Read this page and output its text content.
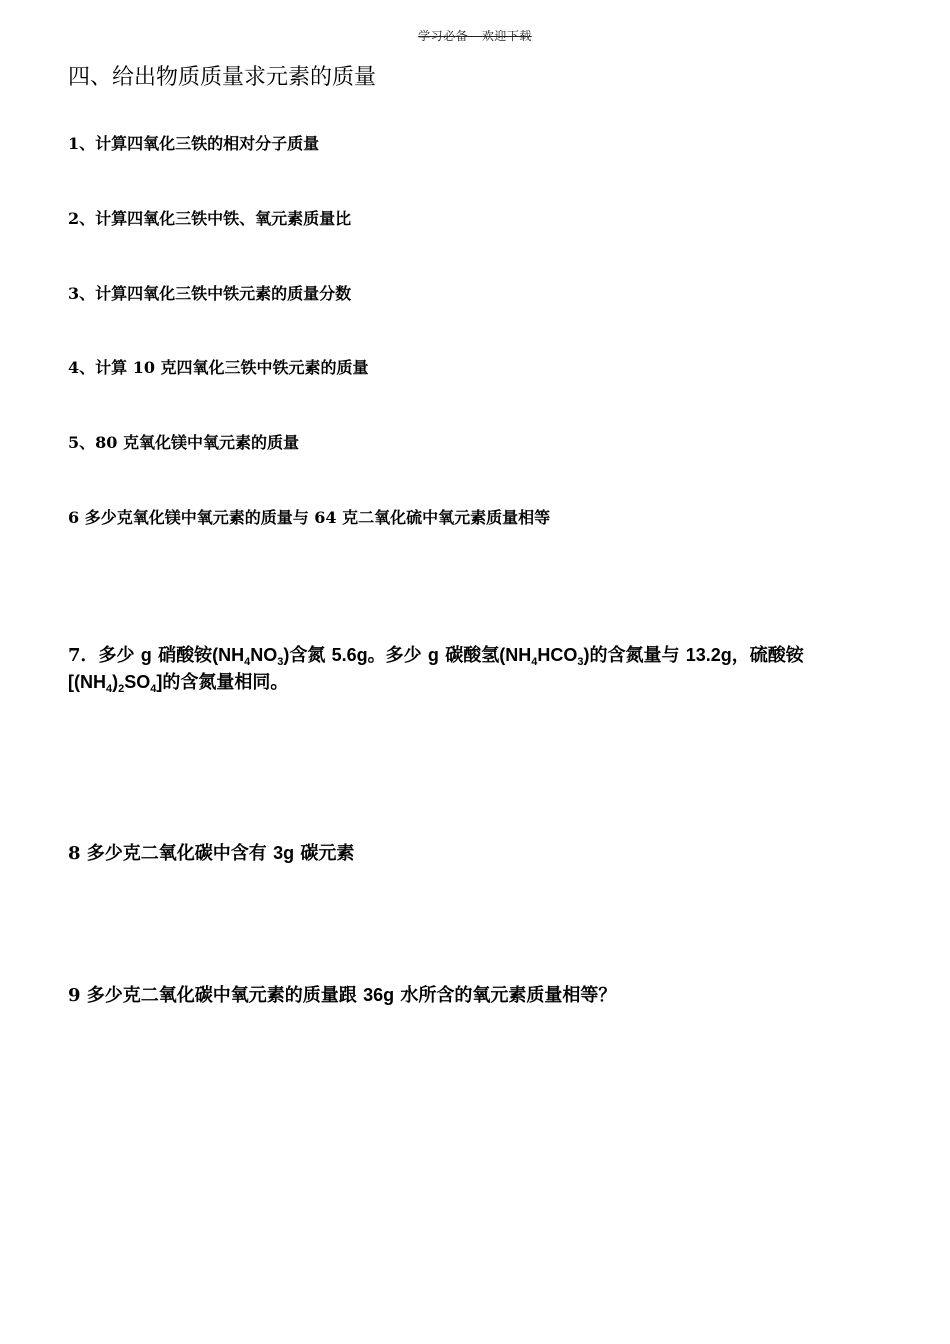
学习必备---欢迎下载
四、给出物质质量求元素的质量

1、计算四氧化三铁的相对分子质量

2、计算四氧化三铁中铁、氧元素质量比

3、计算四氧化三铁中铁元素的质量分数

4、计算 10 克四氧化三铁中铁元素的质量

5、80 克氧化镁中氧元素的质量

6 多少克氧化镁中氧元素的质量与 64 克二氧化硫中氧元素质量相等

7．多少 g 硝酸铵$(NH_4NO_3)$含氮 5.6g。多少 g 碳酸氢$(NH_4HCO_3)$的含氮量与 13.2g，硫酸铵
$[(NH_4)_2SO_4]$的含氮量相同。

8 多少克二氧化碳中含有 3g 碳元素

9 多少克二氧化碳中氧元素的质量跟 36g 水所含的氧元素质量相等？
